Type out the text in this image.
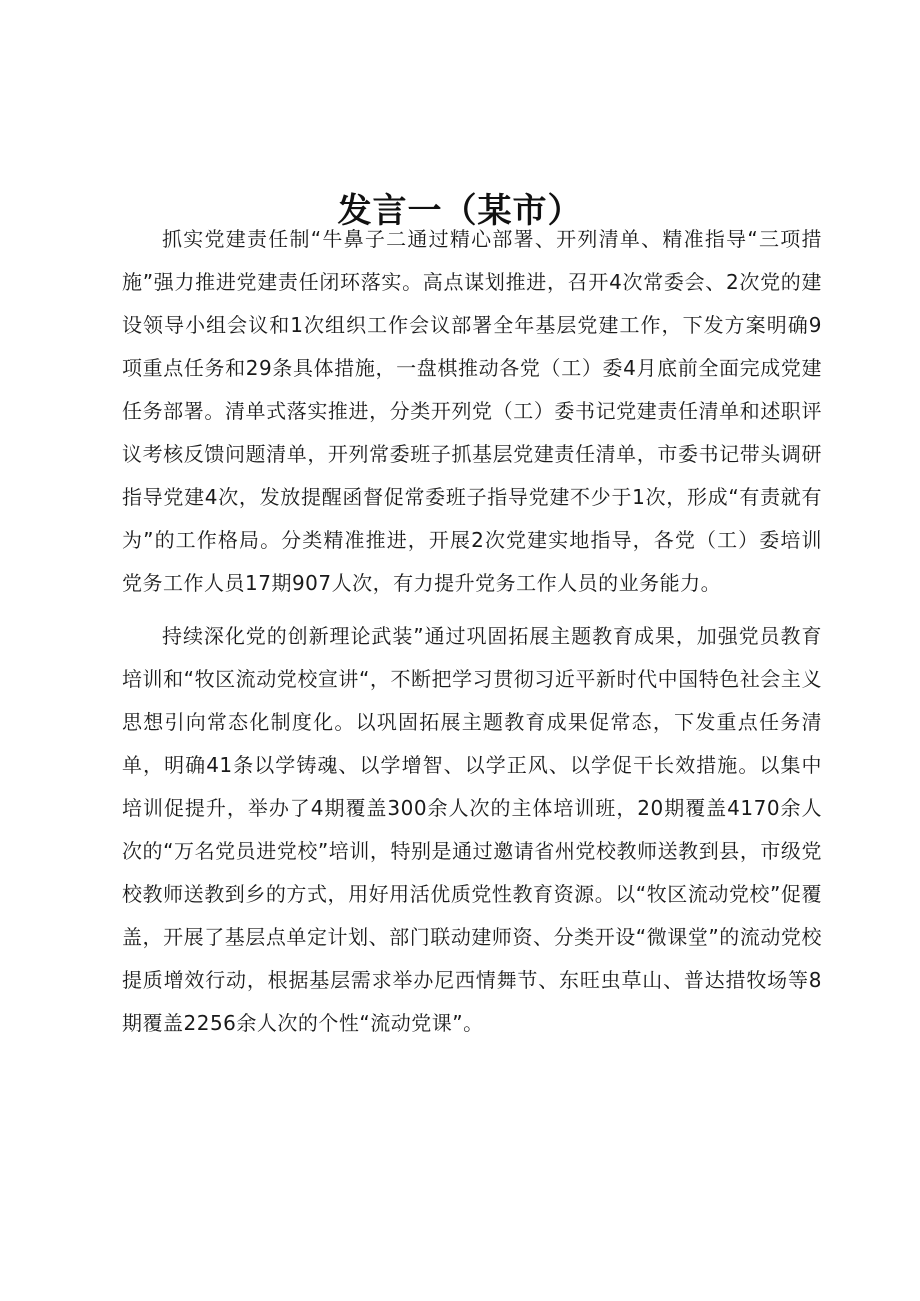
发言一（某市）

抓实党建责任制“牛鼻子二通过精心部署、开列清单、精准指导“三项措施”强力推进党建责任闭环落实。高点谋划推进，召开4次常委会、2次党的建设领导小组会议和1次组织工作会议部署全年基层党建工作，下发方案明确9项重点任务和29条具体措施，一盘棋推动各党（工）委4月底前全面完成党建任务部署。清单式落实推进，分类开列党（工）委书记党建责任清单和述职评议考核反馈问题清单，开列常委班子抓基层党建责任清单，市委书记带头调研指导党建4次，发放提醒函督促常委班子指导党建不少于1次，形成“有责就有为”的工作格局。分类精准推进，开展2次党建实地指导，各党（工）委培训党务工作人员17期907人次，有力提升党务工作人员的业务能力。

持续深化党的创新理论武装”通过巩固拓展主题教育成果，加强党员教育培训和“牧区流动党校宣讲“，不断把学习贯彻习近平新时代中国特色社会主义思想引向常态化制度化。以巩固拓展主题教育成果促常态，下发重点任务清单，明确41条以学铸魂、以学增智、以学正风、以学促干长效措施。以集中培训促提升，举办了4期覆盖300余人次的主体培训班，20期覆盖4170余人次的“万名党员进党校”培训，特别是通过邀请省州党校教师送教到县，市级党校教师送教到乡的方式，用好用活优质党性教育资源。以“牧区流动党校”促覆盖，开展了基层点单定计划、部门联动建师资、分类开设“微课堂”的流动党校提质增效行动，根据基层需求举办尼西情舞节、东旺虫草山、普达措牧场等8期覆盖2256余人次的个性“流动党课”。
